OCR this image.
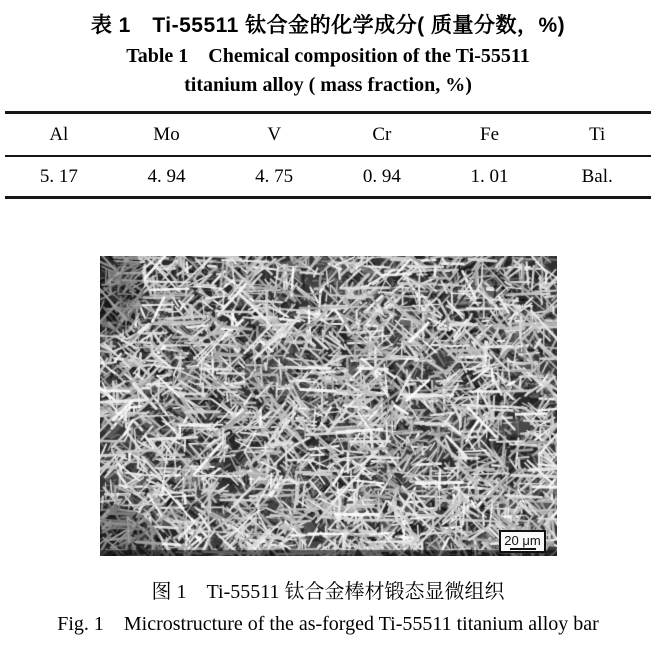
表 1　Ti-55511 钛合金的化学成分( 质量分数，%)
Table 1　Chemical composition of the Ti-55511
titanium alloy ( mass fraction, %)
Al	Mo	V	Cr	Fe	Ti
5. 17	4. 94	4. 75	0. 94	1. 01	Bal.
20 μm
图 1　Ti-55511 钛合金棒材锻态显微组织
Fig. 1　Microstructure of the as-forged Ti-55511 titanium alloy bar
